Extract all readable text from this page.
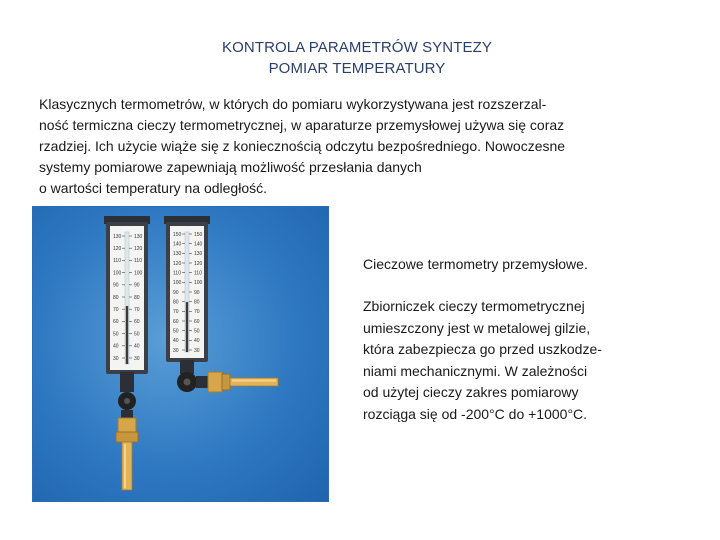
KONTROLA PARAMETRÓW SYNTEZY
POMIAR TEMPERATURY
Klasycznych termometrów, w których do pomiaru wykorzystywana jest rozszerzal-
ność termiczna cieczy termometrycznej, w aparaturze przemysłowej używa się coraz
rzadziej. Ich użycie wiąże się z koniecznością odczytu bezpośredniego. Nowoczesne
systemy pomiarowe zapewniają możliwość przesłania danych
o wartości temperatury na odległość.
130	130
120	120
110	110
100	100
90	90
80	80
70	70
60	60
50	50
40	40
30	30
150	150
140	140
130	130
120	120
110	110
100	100
90	90
80	80
70	70
60	60
50	50
40	40
30	30
Cieczowe termometry przemysłowe.
Zbiorniczek cieczy termometrycznej
umieszczony jest w metalowej gilzie,
która zabezpiecza go przed uszkodze-
niami mechanicznymi. W zależności
od użytej cieczy zakres pomiarowy
rozciąga się od -200°C do +1000°C.
